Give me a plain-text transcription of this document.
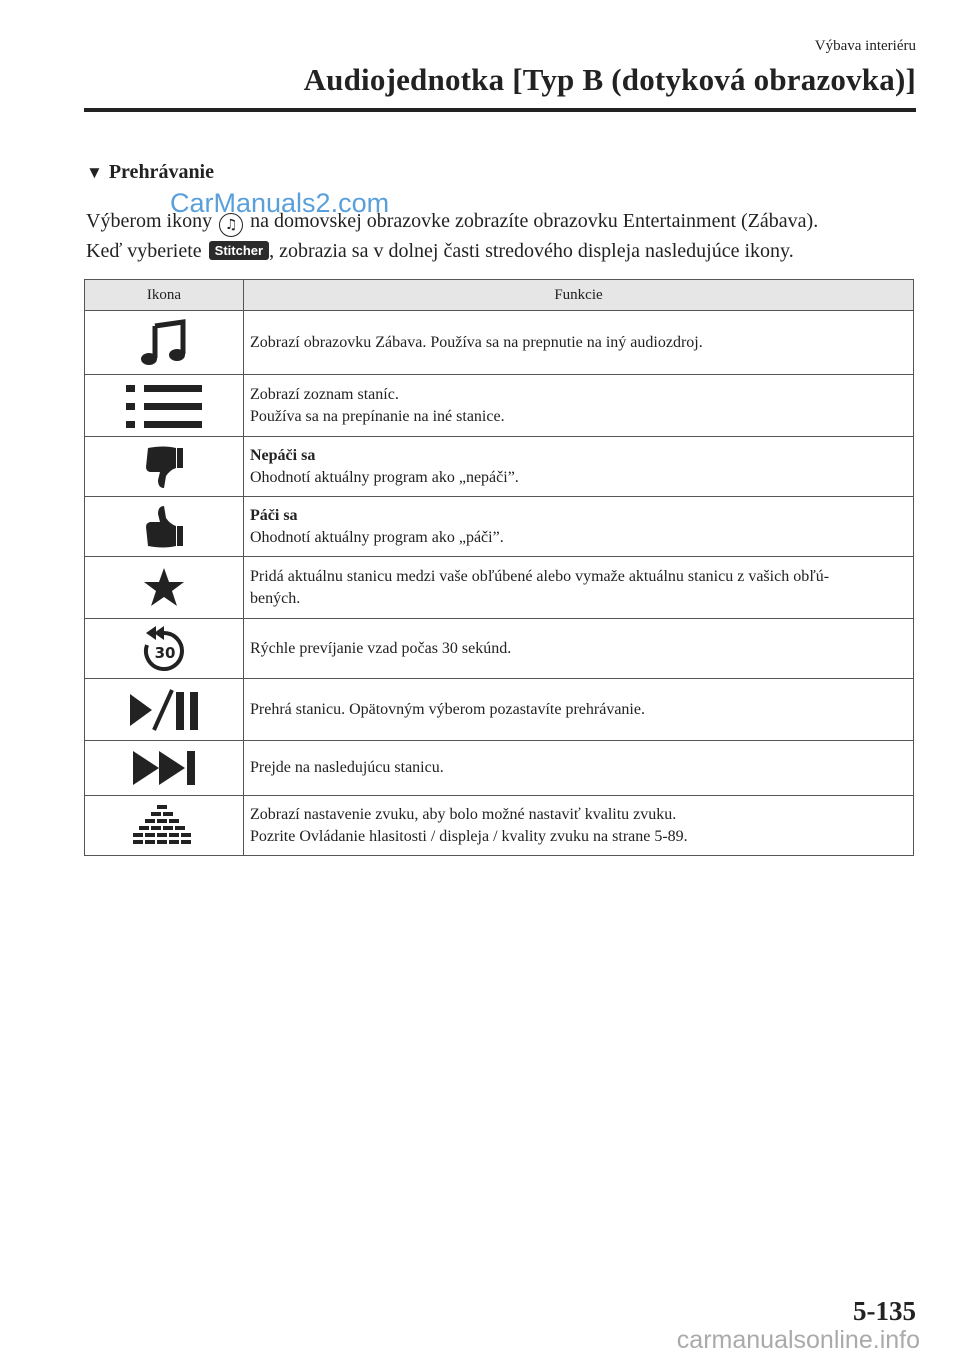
Výbava interiéru
Audiojednotka [Typ B (dotyková obrazovka)]
▼ Prehrávanie
Výberom ikony ♫ na domovskej obrazovke zobrazíte obrazovku Entertainment (Zábava).
Keď vyberiete Stitcher , zobrazia sa v dolnej časti stredového displeja nasledujúce ikony.
CarManuals2.com
Ikona	Funkcie

Zobrazí obrazovku Zábava. Používa sa na prepnutie na iný audiozdroj.

Zobrazí zoznam staníc.
Používa sa na prepínanie na iné stanice.

Nepáči sa
Ohodnotí aktuálny program ako „nepáči”.

Páči sa
Ohodnotí aktuálny program ako „páči”.

Pridá aktuálnu stanicu medzi vaše obľúbené alebo vymaže aktuálnu stanicu z vašich obľú-
bených.

30	Rýchle prevíjanie vzad počas 30 sekúnd.

Prehrá stanicu. Opätovným výberom pozastavíte prehrávanie.

Prejde na nasledujúcu stanicu.

Zobrazí nastavenie zvuku, aby bolo možné nastaviť kvalitu zvuku.
Pozrite Ovládanie hlasitosti / displeja / kvality zvuku na strane 5-89.
5-135
carmanualsonline.info
